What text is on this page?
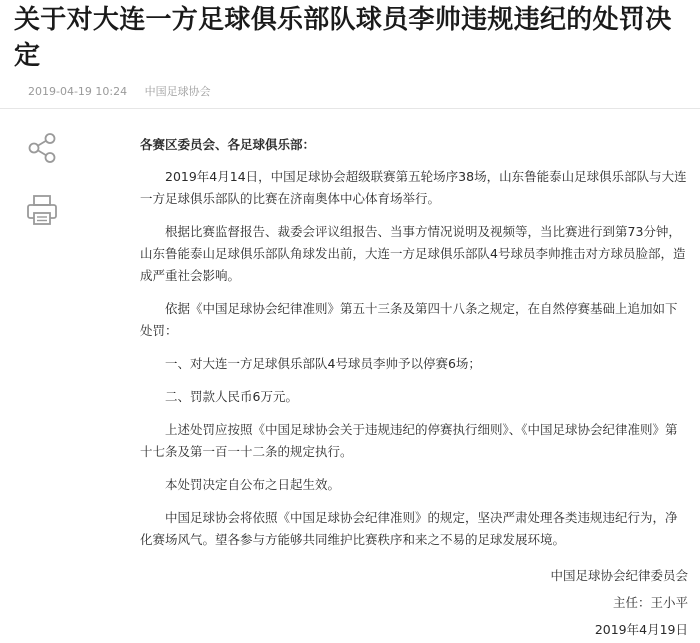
关于对大连一方足球俱乐部队球员李帅违规违纪的处罚决定
2019-04-19 10:24 中国足球协会

各赛区委员会、各足球俱乐部：

2019年4月14日，中国足球协会超级联赛第五轮场序38场，山东鲁能泰山足球俱乐部队与大连一方足球俱乐部队的比赛在济南奥体中心体育场举行。

根据比赛监督报告、裁委会评议组报告、当事方情况说明及视频等，当比赛进行到第73分钟，山东鲁能泰山足球俱乐部队角球发出前，大连一方足球俱乐部队4号球员李帅推击对方球员脸部，造成严重社会影响。

依据《中国足球协会纪律准则》第五十三条及第四十八条之规定，在自然停赛基础上追加如下处罚：

一、对大连一方足球俱乐部队4号球员李帅予以停赛6场；

二、罚款人民币6万元。

上述处罚应按照《中国足球协会关于违规违纪的停赛执行细则》、《中国足球协会纪律准则》第十七条及第一百一十二条的规定执行。

本处罚决定自公布之日起生效。

中国足球协会将依照《中国足球协会纪律准则》的规定，坚决严肃处理各类违规违纪行为，净化赛场风气。望各参与方能够共同维护比赛秩序和来之不易的足球发展环境。

中国足球协会纪律委员会
主任：王小平
2019年4月19日
